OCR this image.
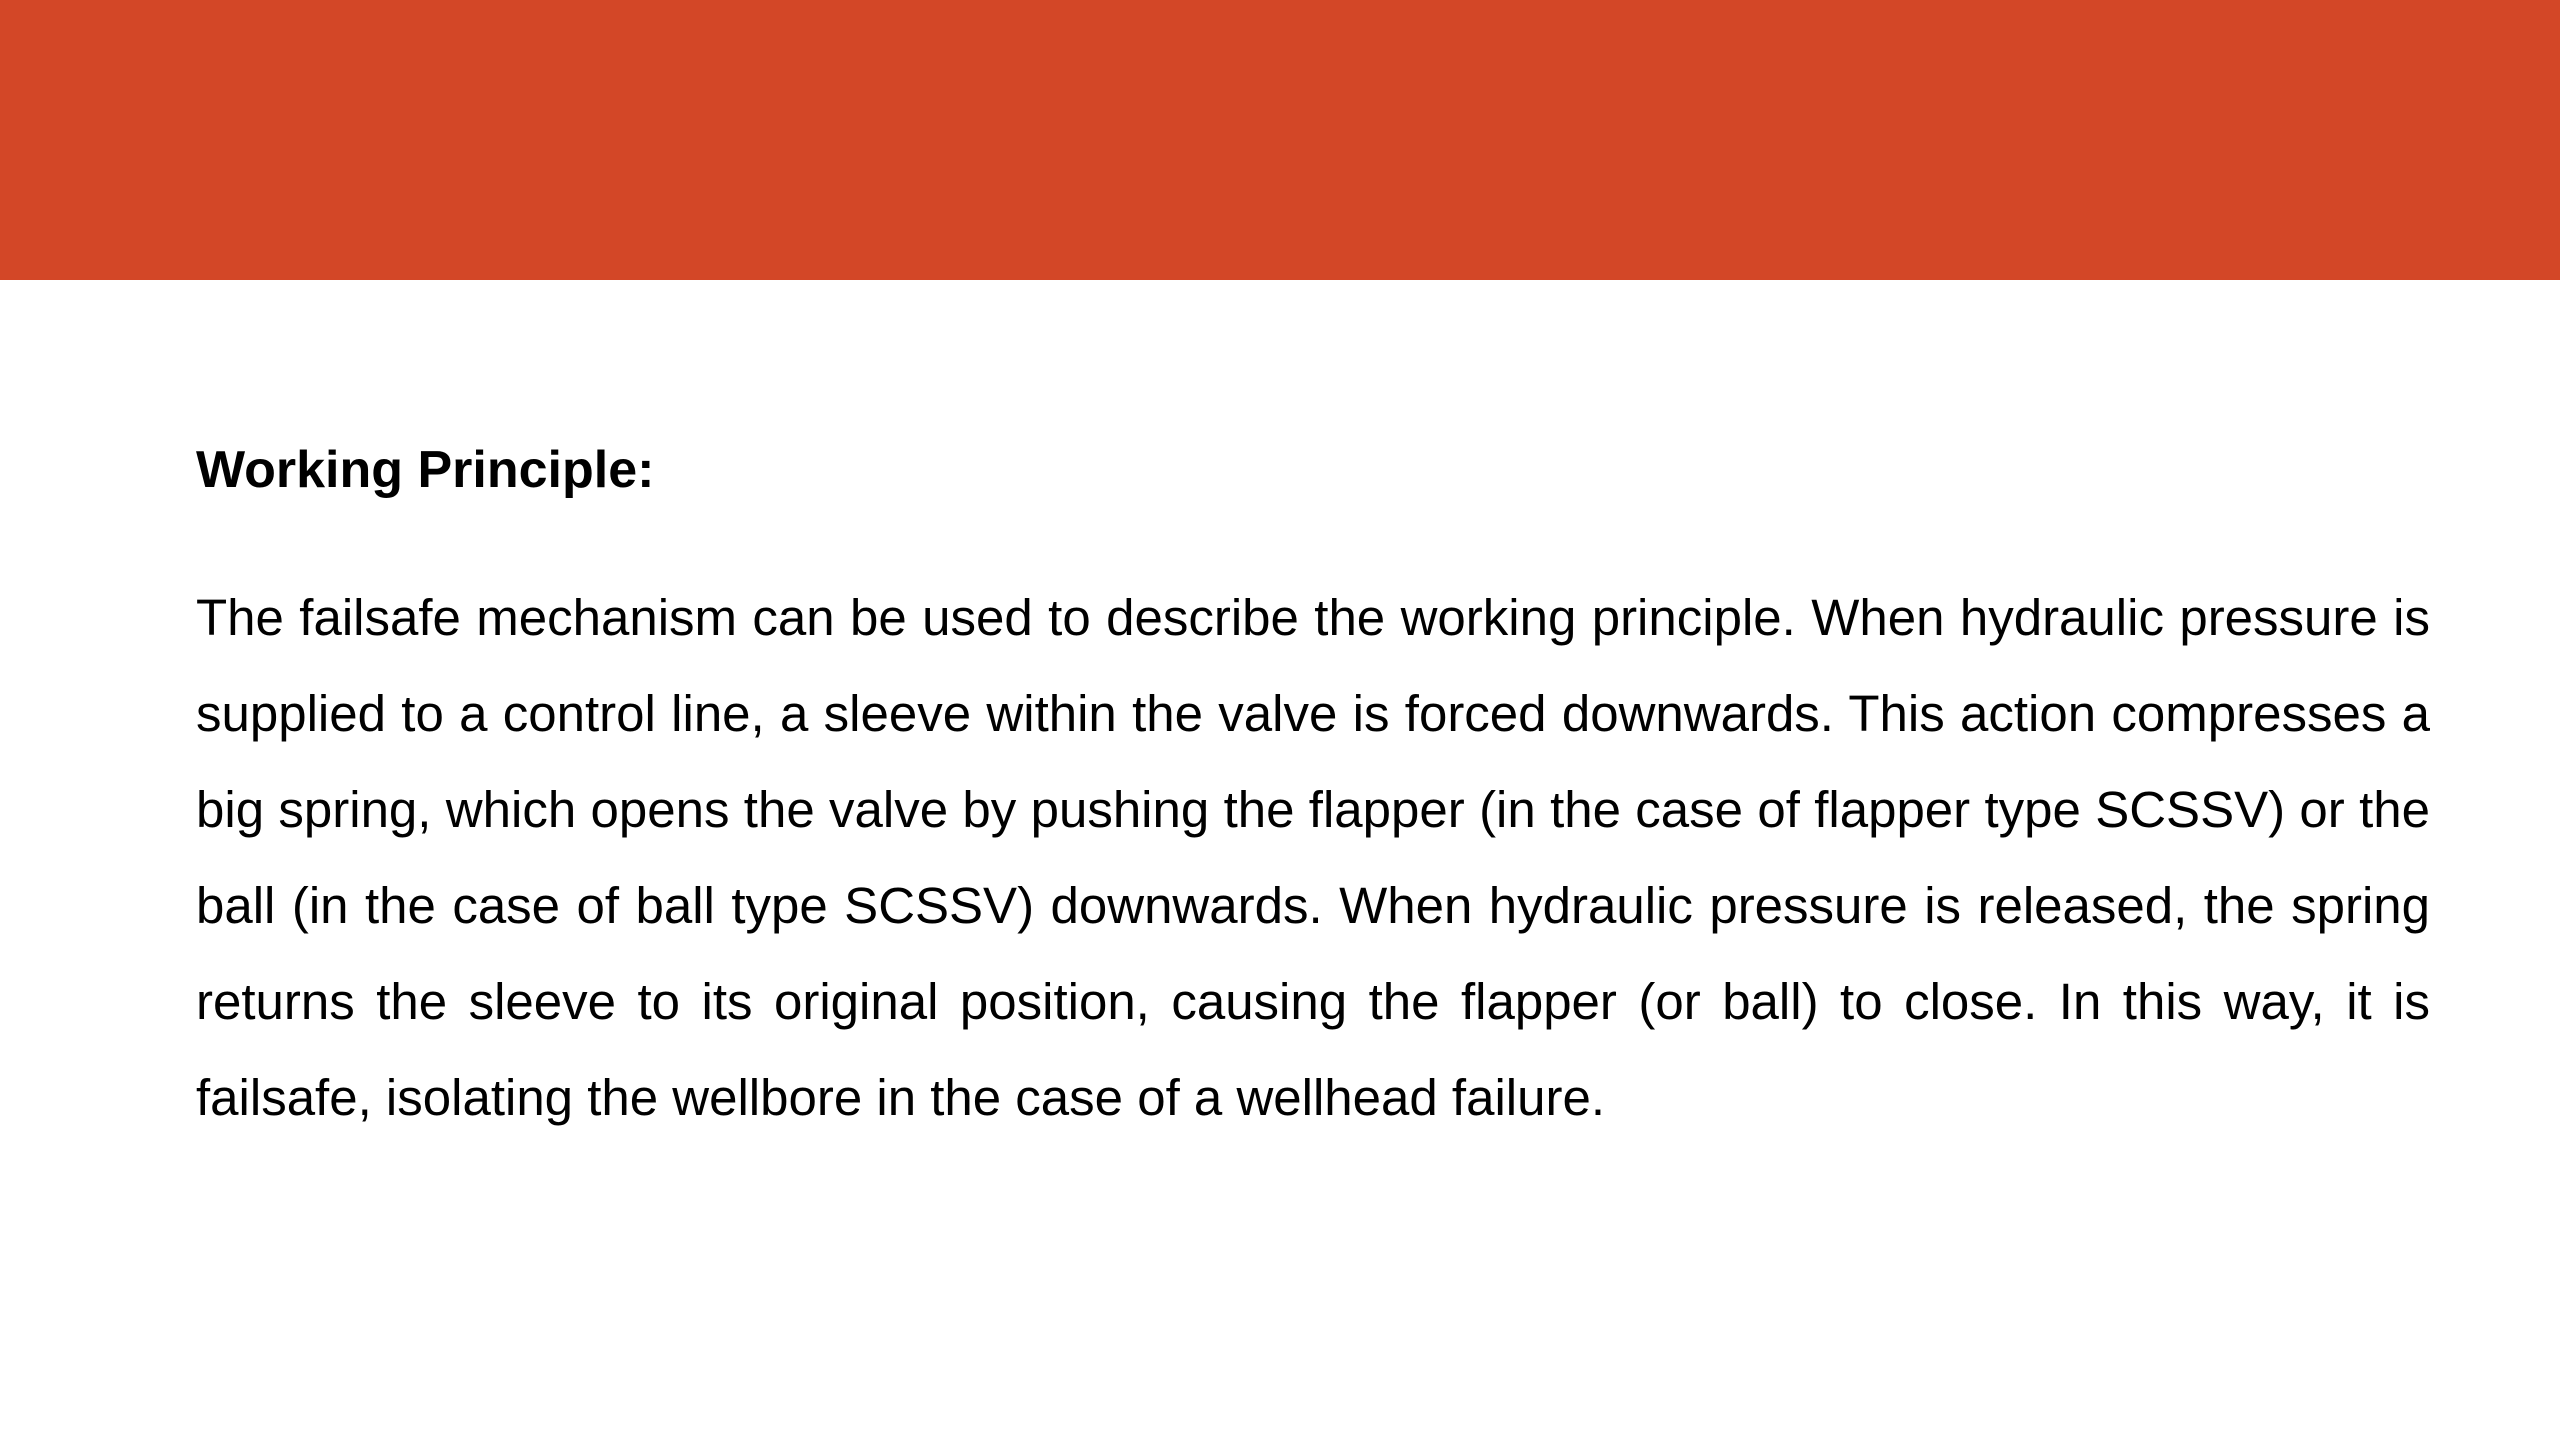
Working Principle:

The failsafe mechanism can be used to describe the working principle. When hydraulic pressure is supplied to a control line, a sleeve within the valve is forced downwards. This action compresses a big spring, which opens the valve by pushing the flapper (in the case of flapper type SCSSV) or the ball (in the case of ball type SCSSV) downwards. When hydraulic pressure is released, the spring returns the sleeve to its original position, causing the flapper (or ball) to close. In this way, it is failsafe, isolating the wellbore in the case of a wellhead failure.
